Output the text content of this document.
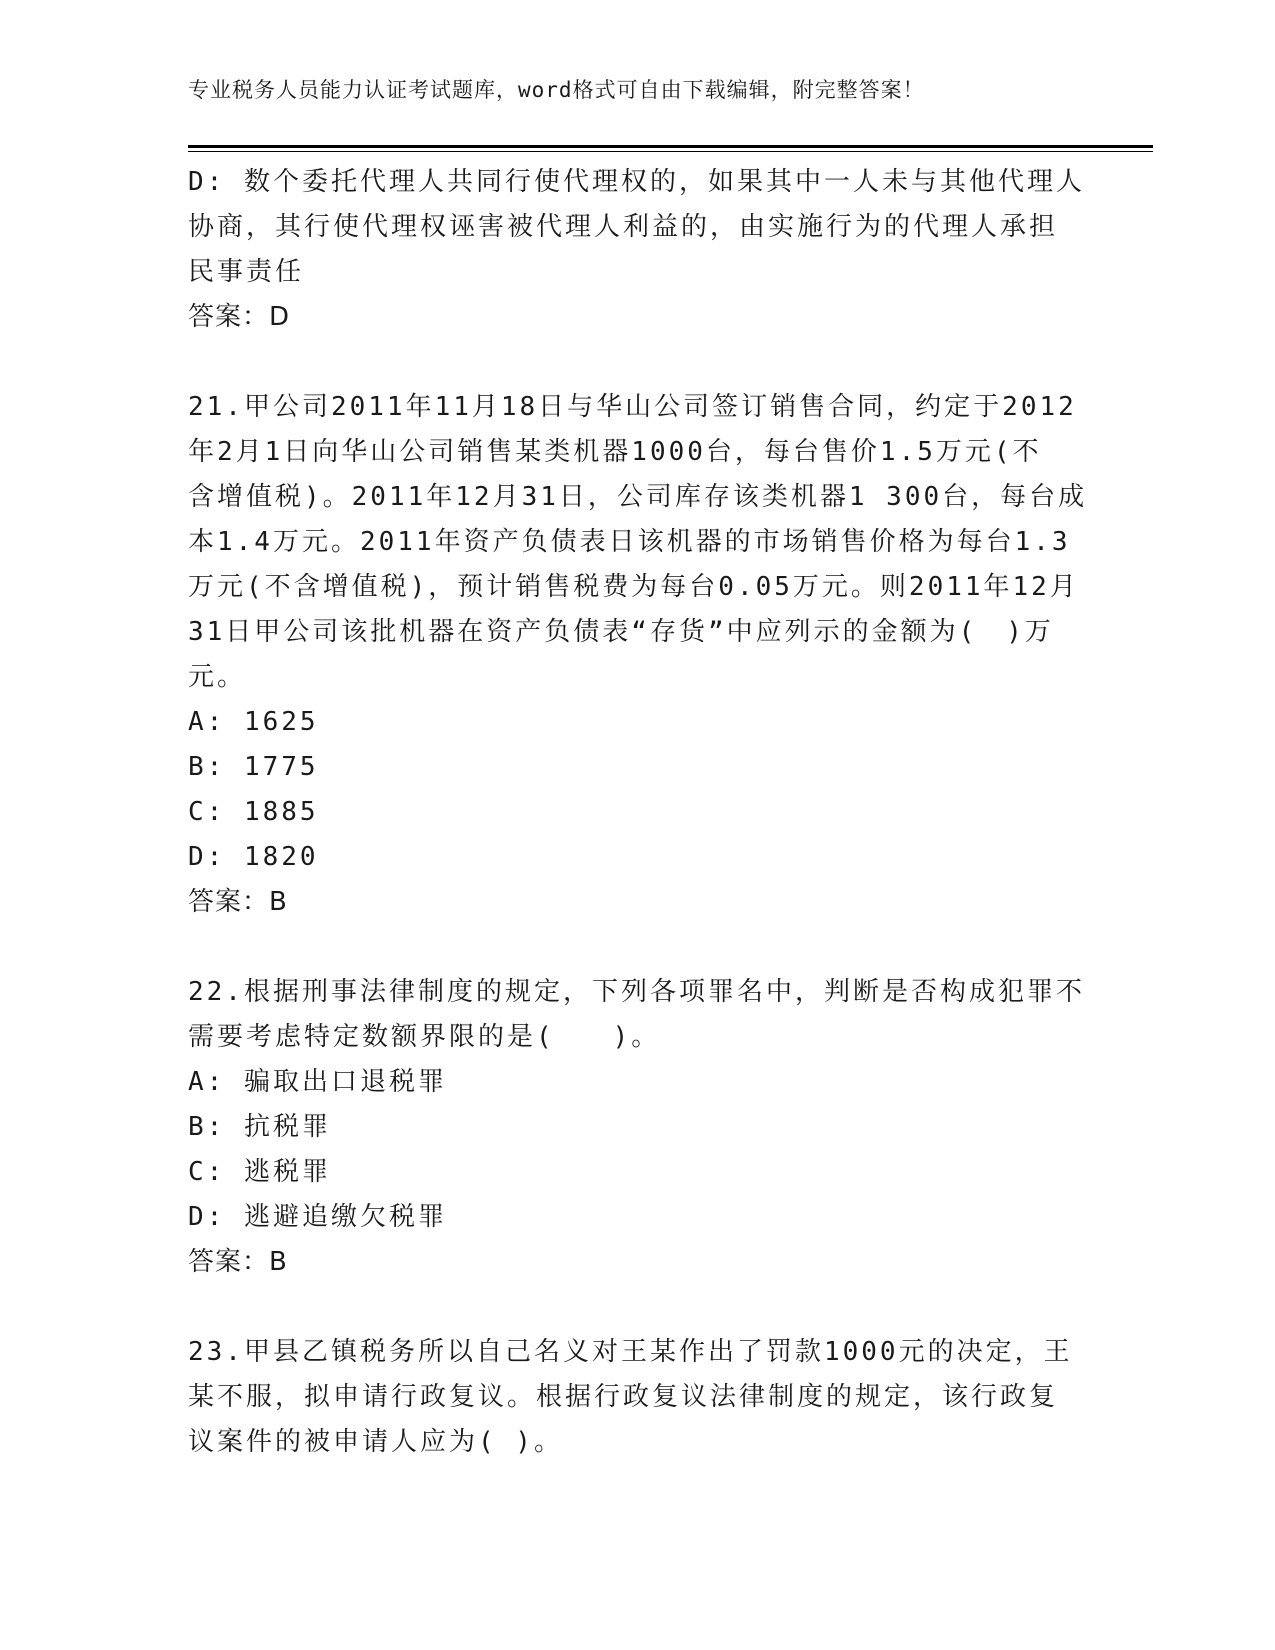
专业税务人员能力认证考试题库，word格式可自由下载编辑，附完整答案！
D: 数个委托代理人共同行使代理权的，如果其中一人未与其他代理人
协商，其行使代理权诬害被代理人利益的，由实施行为的代理人承担
民事责任
答案：D
21.甲公司2011年11月18日与华山公司签订销售合同，约定于2012
年2月1日向华山公司销售某类机器1000台，每台售价1.5万元(不
含增值税)。2011年12月31日，公司库存该类机器1 300台，每台成
本1.4万元。2011年资产负债表日该机器的市场销售价格为每台1.3
万元(不含增值税)，预计销售税费为每台0.05万元。则2011年12月
31日甲公司该批机器在资产负债表“存货”中应列示的金额为(　)万
元。
A: 1625
B: 1775
C: 1885
D: 1820
答案：B
22.根据刑事法律制度的规定，下列各项罪名中，判断是否构成犯罪不
需要考虑特定数额界限的是(　　)。
A: 骗取出口退税罪
B: 抗税罪
C: 逃税罪
D: 逃避追缴欠税罪
答案：B
23.甲县乙镇税务所以自己名义对王某作出了罚款1000元的决定，王
某不服，拟申请行政复议。根据行政复议法律制度的规定，该行政复
议案件的被申请人应为( )。
